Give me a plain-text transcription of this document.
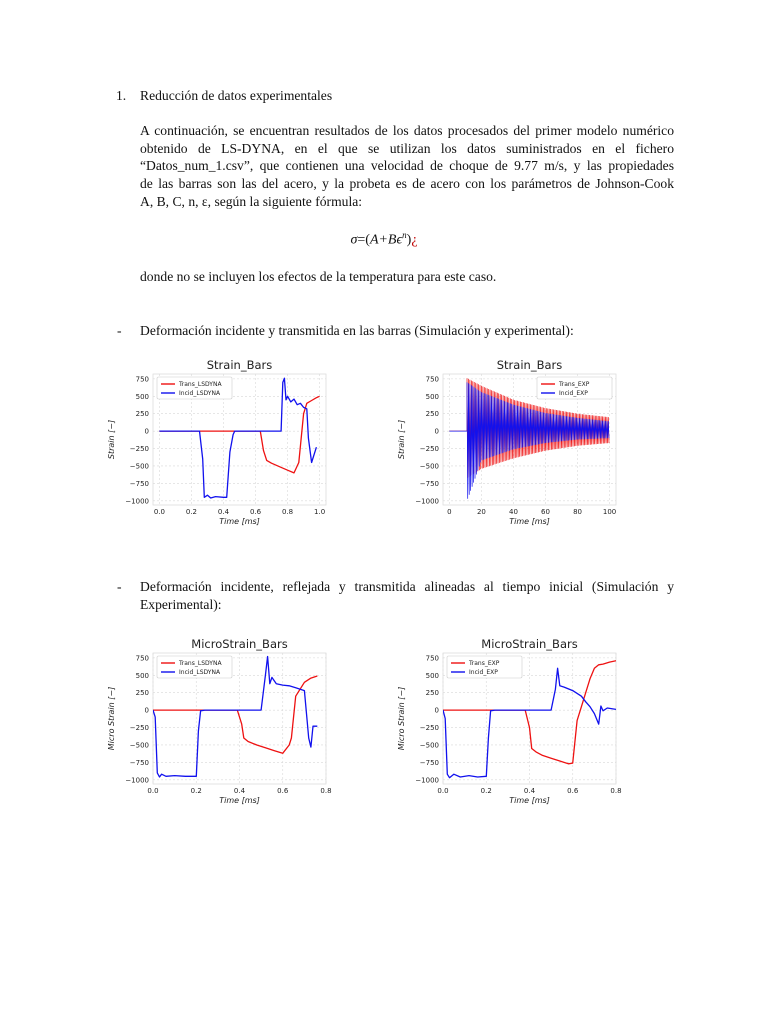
1. Reducción de datos experimentales
A continuación, se encuentran resultados de los datos procesados del primer modelo numérico
obtenido de LS-DYNA, en el que se utilizan los datos suministrados en el fichero
“Datos_num_1.csv”, que contienen una velocidad de choque de 9.77 m/s, y las propiedades
de las barras son las del acero, y la probeta es de acero con los parámetros de Johnson-Cook
A, B, C, n, ε, según la siguiente fórmula:
$\sigma=(A+B\epsilon^n)¿$
donde no se incluyen los efectos de la temperatura para este caso.
- Deformación incidente y transmitida en las barras (Simulación y experimental):
- Deformación incidente, reflejada y transmitida alineadas al tiempo inicial (Simulación y
Experimental):
Strain_Bars
750
500
250
0
−250
−500
−750
−1000
0.0	0.2	0.4	0.6	0.8	1.0
Time [ms]
Strain [−]
Trans_LSDYNA
Incid_LSDYNA
Strain_Bars
750
500
250
0
−250
−500
−750
−1000
0	20	40	60	80	100
Time [ms]
Strain [−]
Trans_EXP
Incid_EXP
MicroStrain_Bars
750
500
250
0
−250
−500
−750
−1000
0.0	0.2	0.4	0.6	0.8
Time [ms]
Micro Strain [−]
Trans_LSDYNA
Incid_LSDYNA
MicroStrain_Bars
750
500
250
0
−250
−500
−750
−1000
0.0	0.2	0.4	0.6	0.8
Time [ms]
Micro Strain [−]
Trans_EXP
Incid_EXP
